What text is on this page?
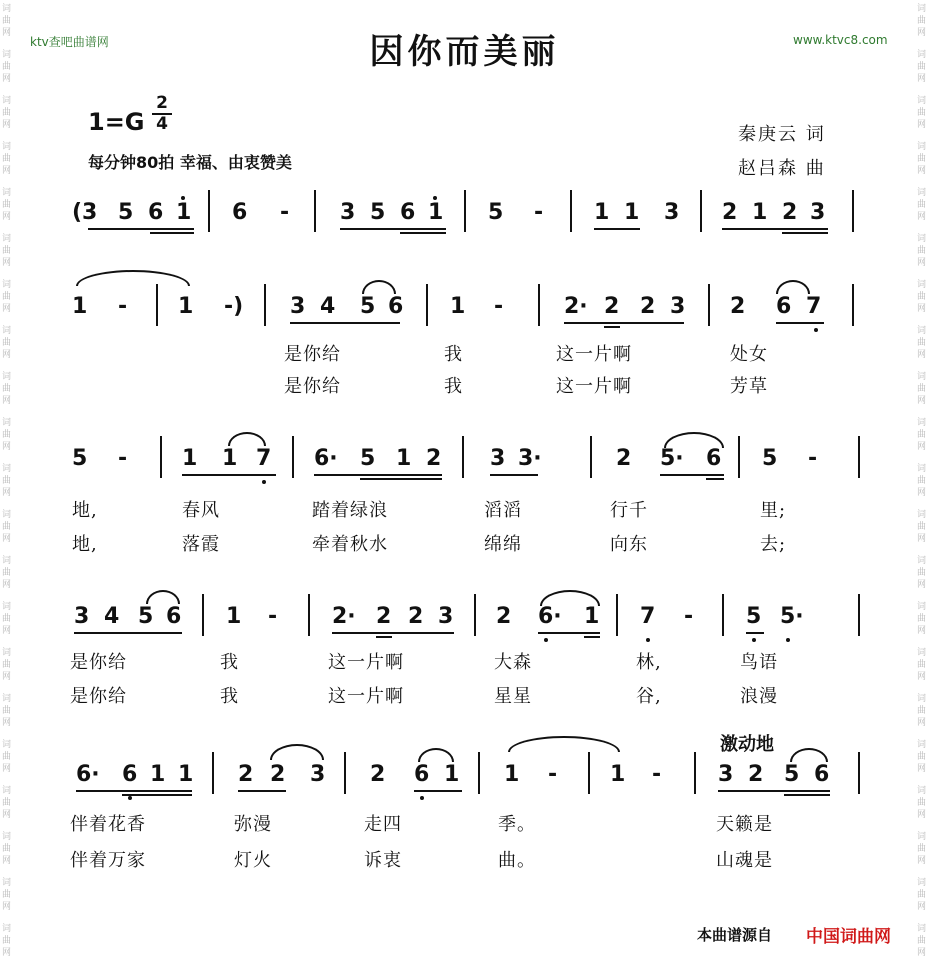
词
曲
网
词
曲
网
词
曲
网
词
曲
网
词
曲
网
词
曲
网
词
曲
网
词
曲
网
词
曲
网
词
曲
网
词
曲
网
词
曲
网
词
曲
网
词
曲
网
词
曲
网
词
曲
网
词
曲
网
词
曲
网
词
曲
网
词
曲
网
词
曲
网
词
曲
网
词
曲
网
词
曲
网
词
曲
网
词
曲
网
词
曲
网
词
曲
网
词
曲
网
词
曲
网
词
曲
网
词
曲
网
词
曲
网
词
曲
网
词
曲
网
词
曲
网
词
曲
网
词
曲
网
词
曲
网
词
曲
网
词
曲
网
词
曲
网
ktv查吧曲谱网	www.ktvc8.com
因你而美丽
1=G
2
4
每分钟80拍 幸福、由衷赞美
秦庚云 词
赵吕森 曲
(3 5 6 1 6 - 3 5 6 1 5 - 1 1 3 2 1 2 3
1 - 1 -) 3 4 5 6 1 -	2· 2 2 3 2 6 7
是你给	我	这一片啊	处女
是你给	我	这一片啊	芳草
5 - 1 1 7 6· 5 1 2 3 3·	2 5· 6 5 -
地,	春风	踏着绿浪	滔滔	行千	里;
地,	落霞	牵着秋水	绵绵	向东	去;
3 4 5 6 1 - 2· 2 2 3 2 6· 1 7 - 5 5·
是你给	我	这一片啊	大森	林,	鸟语
是你给	我	这一片啊	星星	谷,	浪漫
激动地
6· 6 1 1 2 2 3 2 6 1 1 - 1 -	3 2 5 6
伴着花香	弥漫	走四	季。	天籁是
伴着万家	灯火	诉衷	曲。	山魂是
本曲谱源自 中国词曲网
